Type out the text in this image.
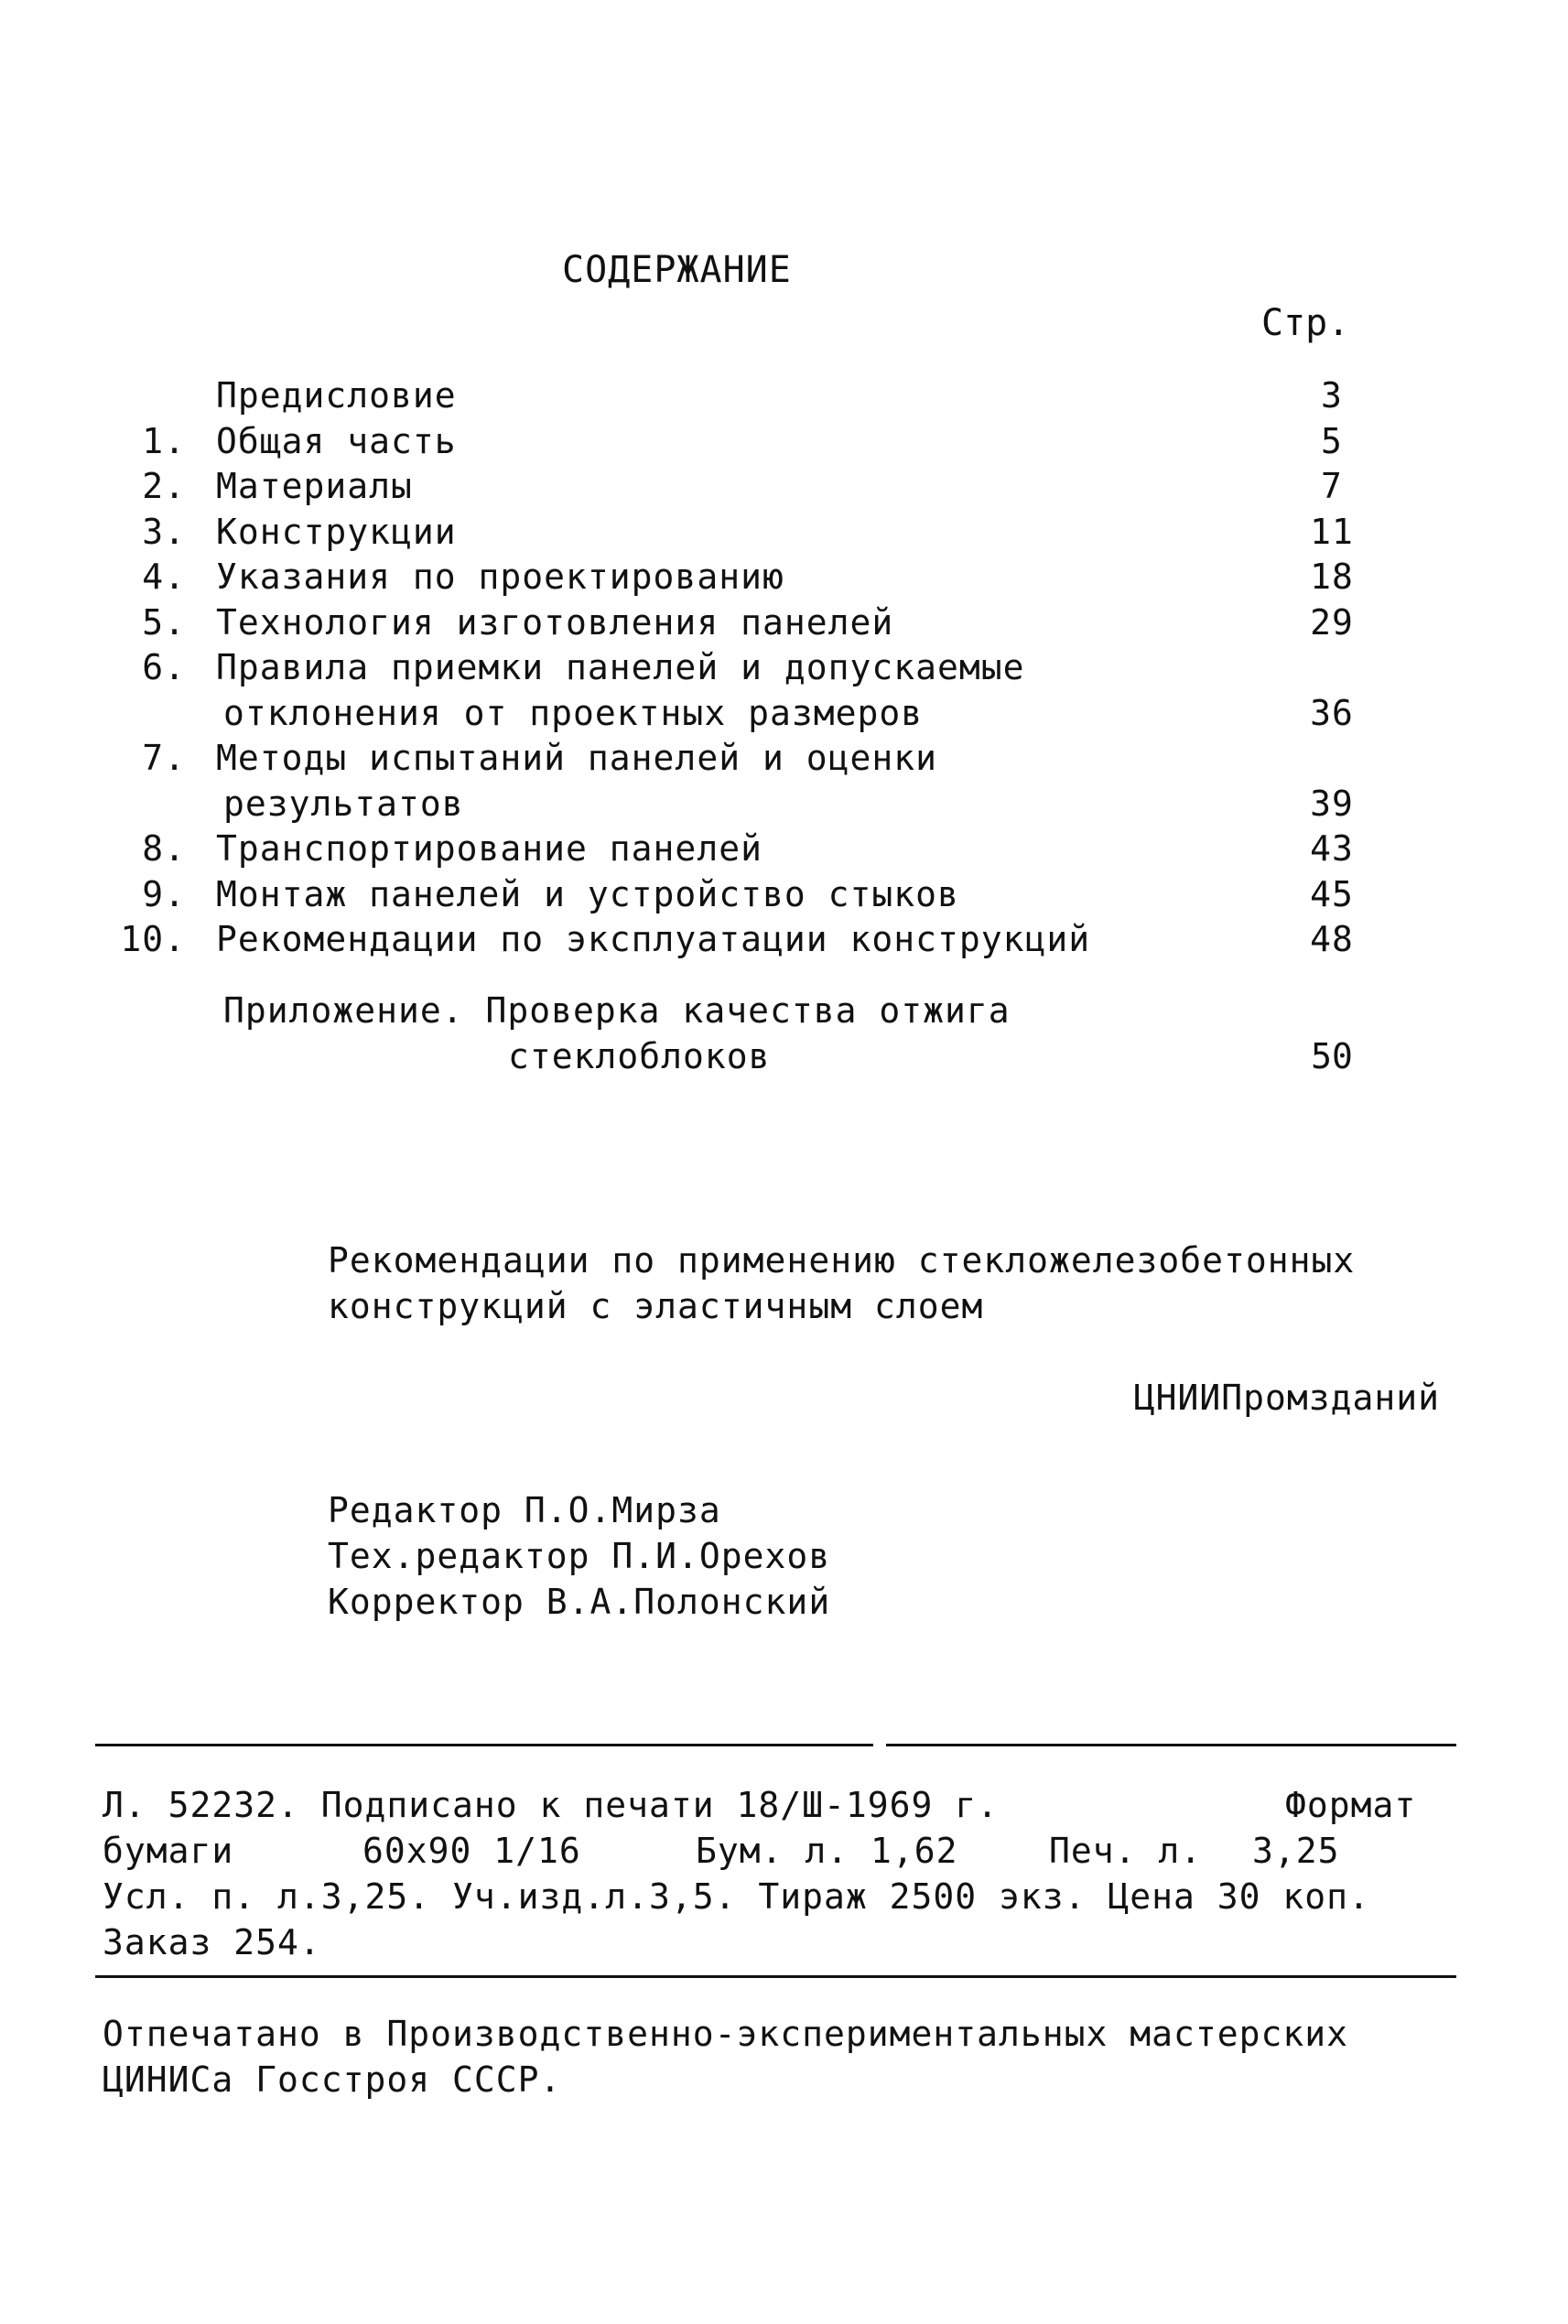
СОДЕРЖАНИЕ
Стр.
Предисловие	3
1. Общая часть	5
2. Материалы	7
3. Конструкции	11
4. Указания по проектированию	18
5. Технология изготовления панелей	29
6. Правила приемки панелей и допускаемые
отклонения от проектных размеров	36
7. Методы испытаний панелей и оценки
результатов	39
8. Транспортирование панелей	43
9. Монтаж панелей и устройство стыков	45
10. Рекомендации по эксплуатации конструкций	48
Приложение. Проверка качества отжига
стеклоблоков	50
Рекомендации по применению стекложелезобетонных
конструкций с эластичным слоем
ЦНИИПромзданий
Редактор П.О.Мирза
Тех.редактор П.И.Орехов
Корректор В.А.Полонский
Л. 52232. Подписано к печати 18/Ш-1969 г.	Формат
бумаги	60x90 1/16	Бум. л. 1,62	Печ. л. 3,25
Усл. п. л.3,25. Уч.изд.л.3,5. Тираж 2500 экз. Цена 30 коп.
Заказ 254.
Отпечатано в Производственно-экспериментальных мастерских
ЦИНИСа Госстроя СССР.
